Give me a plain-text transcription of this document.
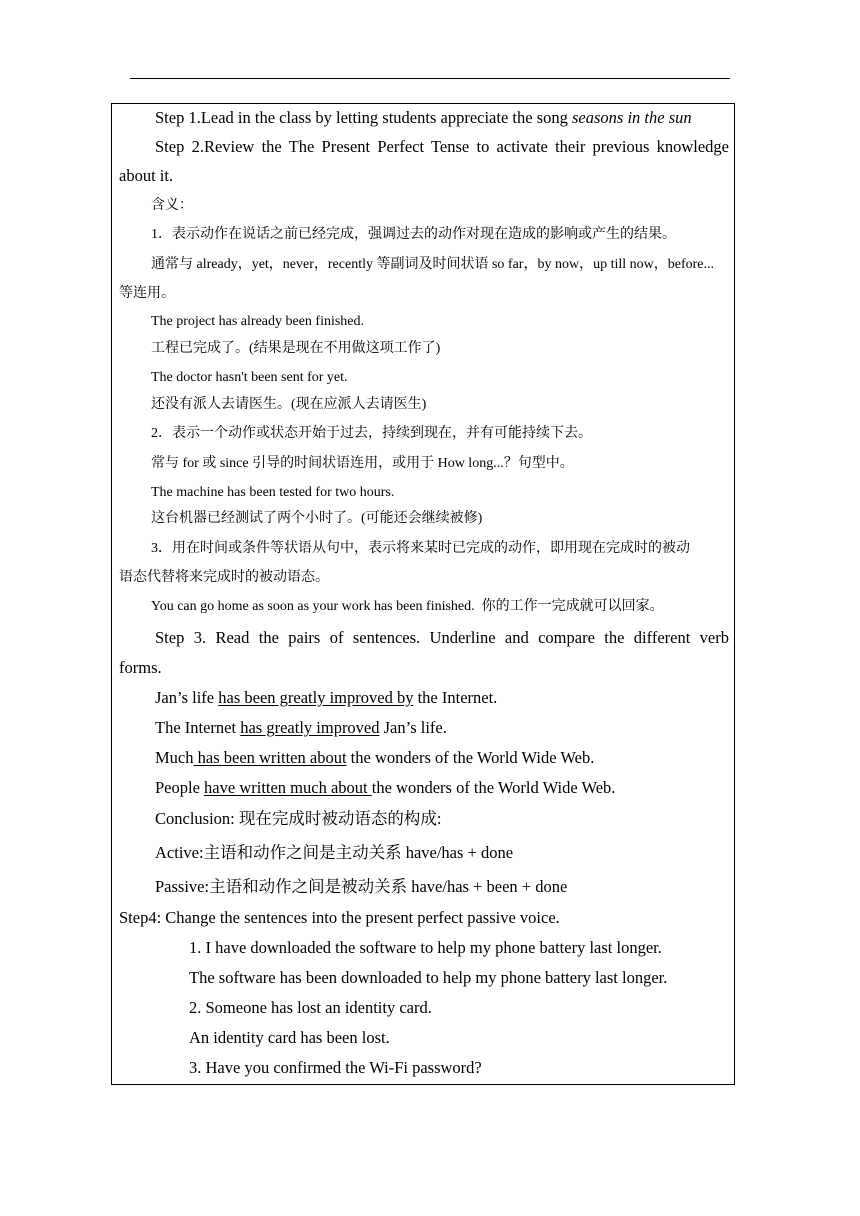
Step 1.Lead in the class by letting students appreciate the song seasons in the sun
Step 2.Review the The Present Perfect Tense to activate their previous knowledge
about it.
含义：
1．表示动作在说话之前已经完成，强调过去的动作对现在造成的影响或产生的结果。
通常与 already，yet，never，recently 等副词及时间状语 so far，by now，up till now，before...
等连用。
The project has already been finished.
工程已完成了。(结果是现在不用做这项工作了)
The doctor hasn't been sent for yet.
还没有派人去请医生。(现在应派人去请医生)
2．表示一个动作或状态开始于过去，持续到现在，并有可能持续下去。
常与 for 或 since 引导的时间状语连用，或用于 How long...？句型中。
The machine has been tested for two hours.
这台机器已经测试了两个小时了。(可能还会继续被修)
3．用在时间或条件等状语从句中，表示将来某时已完成的动作，即用现在完成时的被动
语态代替将来完成时的被动语态。
You can go home as soon as your work has been finished. 你的工作一完成就可以回家。
Step 3. Read the pairs of sentences. Underline and compare the different verb
forms.
Jan’s life has been greatly improved by the Internet.
The Internet has greatly improved Jan’s life.
Much has been written about the wonders of the World Wide Web.
People have written much about the wonders of the World Wide Web.
Conclusion: 现在完成时被动语态的构成:
Active:主语和动作之间是主动关系 have/has + done
Passive:主语和动作之间是被动关系 have/has + been + done
Step4: Change the sentences into the present perfect passive voice.
1. I have downloaded the software to help my phone battery last longer.
The software has been downloaded to help my phone battery last longer.
2. Someone has lost an identity card.
An identity card has been lost.
3. Have you confirmed the Wi-Fi password?
